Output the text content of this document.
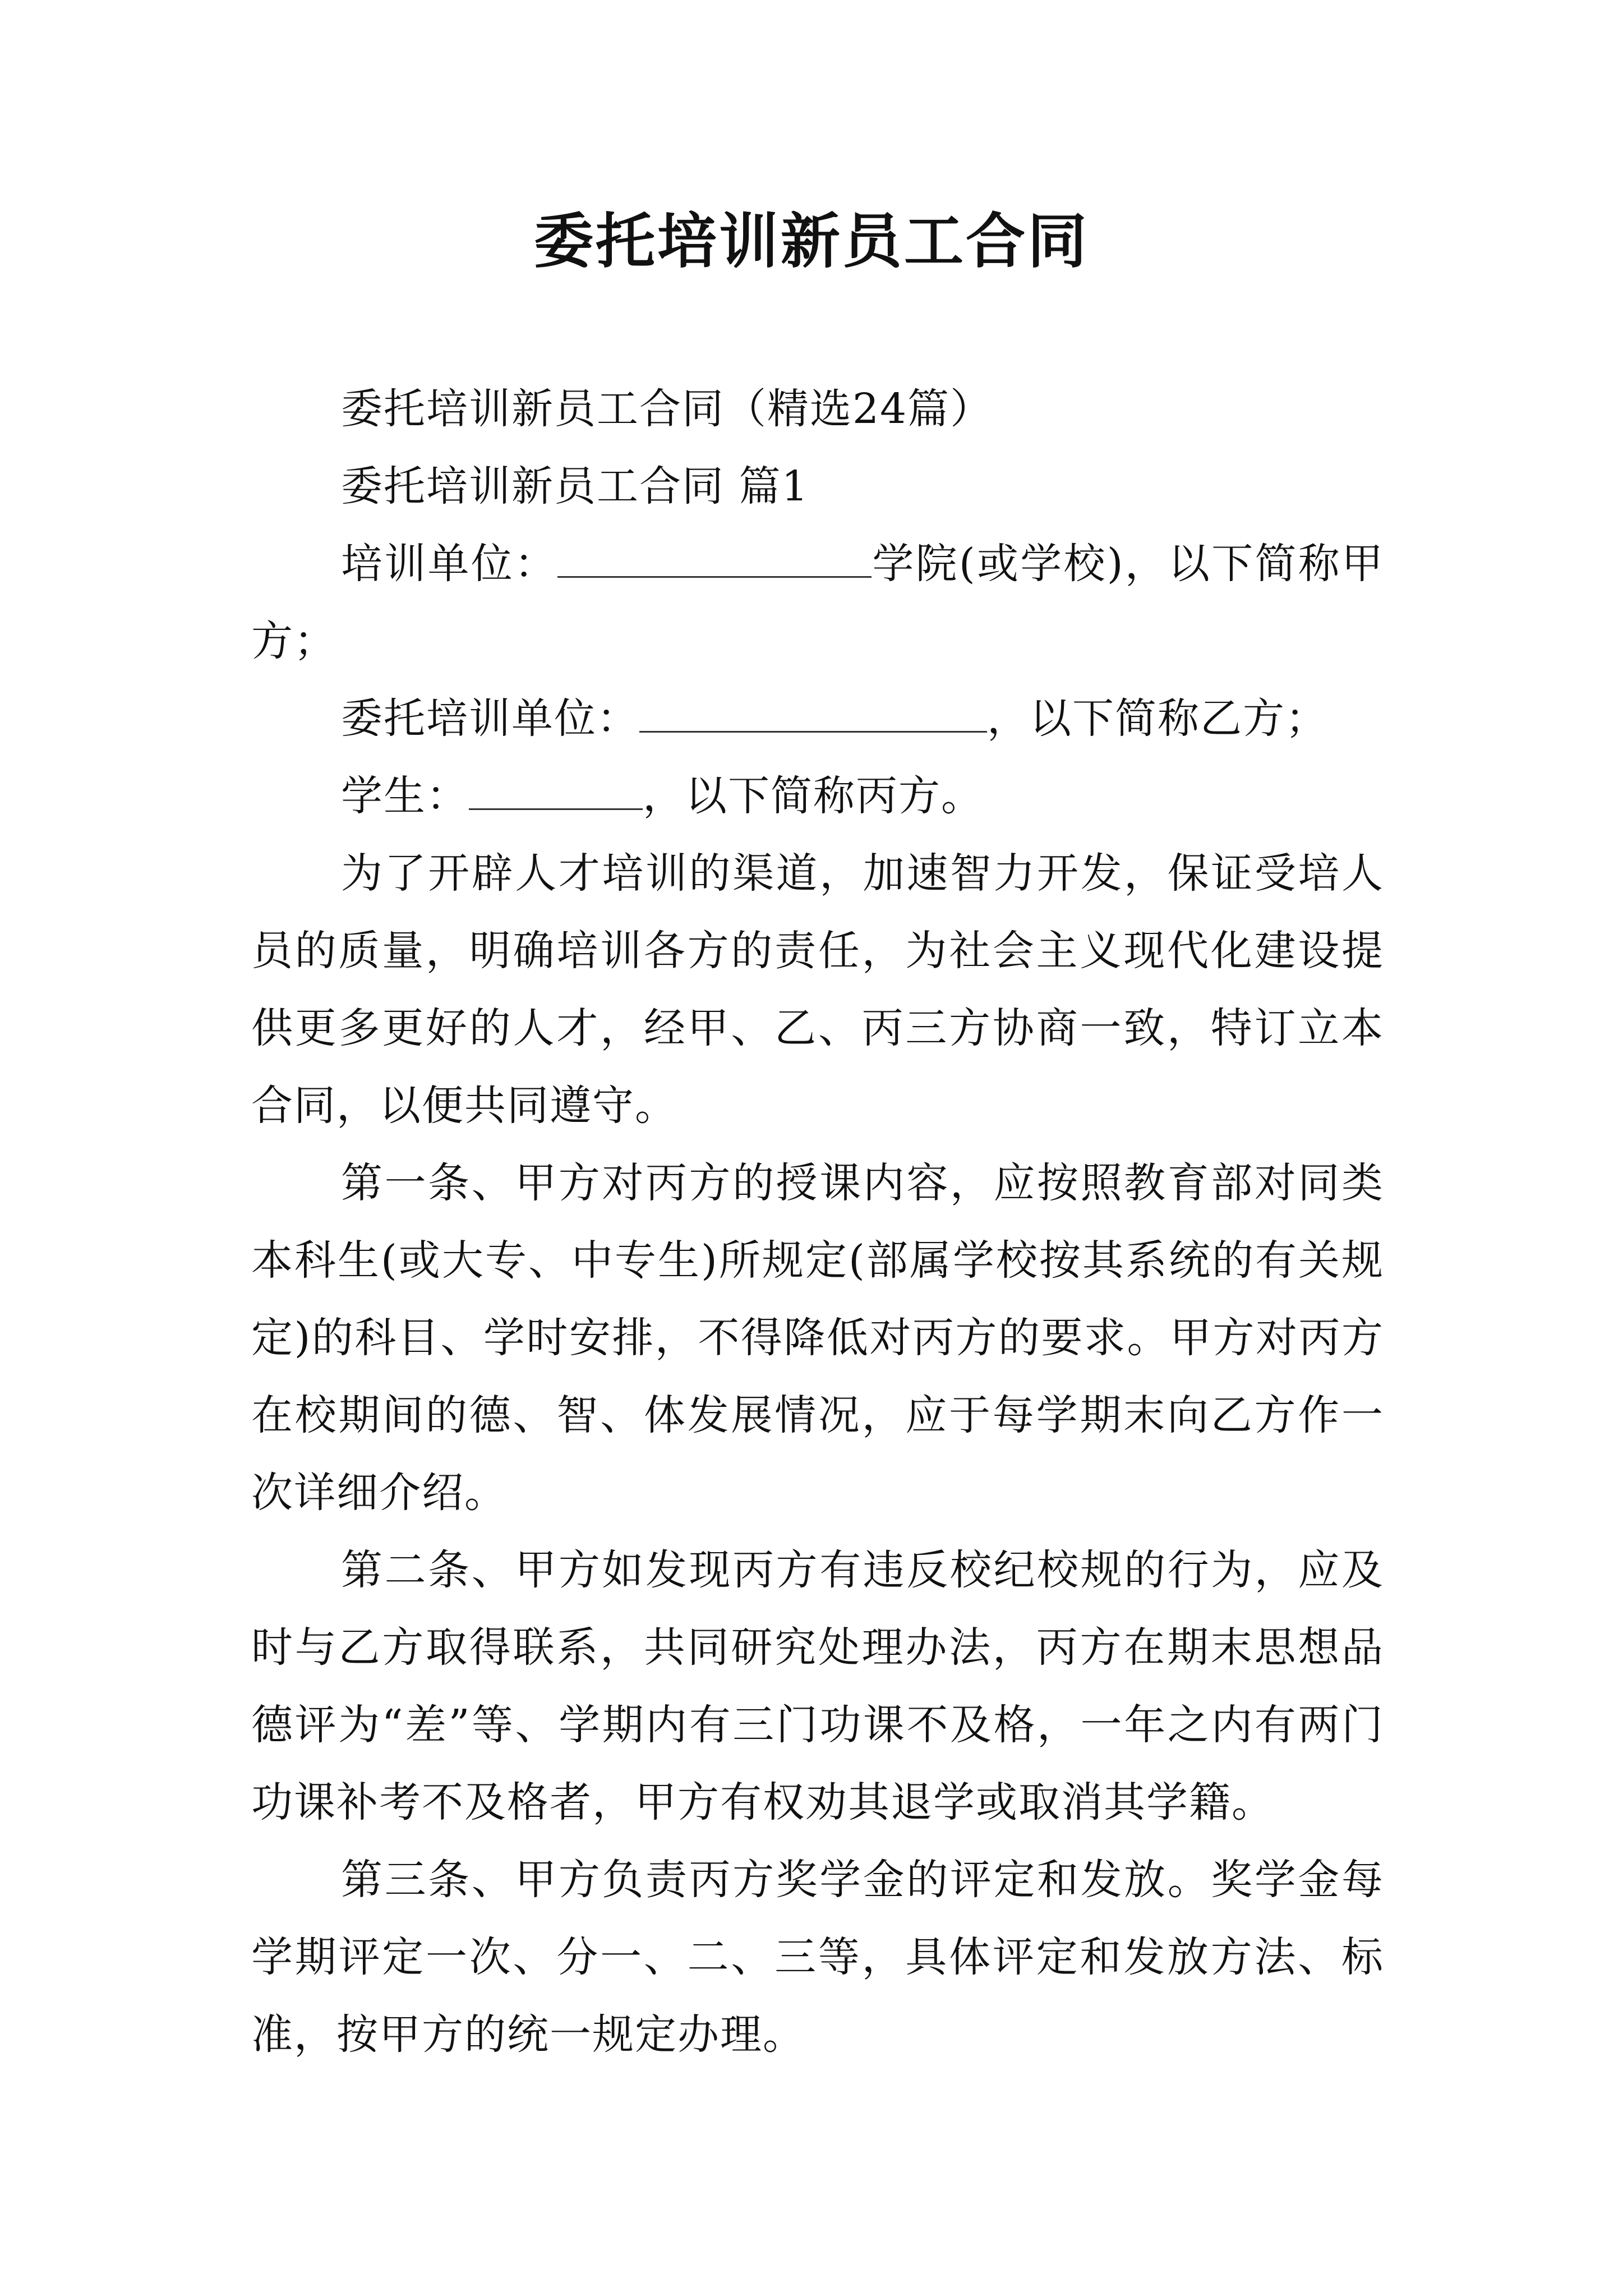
委托培训新员工合同

委托培训新员工合同（精选24篇）

委托培训新员工合同 篇1

培训单位：	学院(或学校)，以下简称甲方；

委托培训单位：	，以下简称乙方；

学生：	，以下简称丙方。

为了开辟人才培训的渠道，加速智力开发，保证受培人员的质量，明确培训各方的责任，为社会主义现代化建设提供更多更好的人才，经甲、乙、丙三方协商一致，特订立本合同，以便共同遵守。

第一条、甲方对丙方的授课内容，应按照教育部对同类本科生(或大专、中专生)所规定(部属学校按其系统的有关规定)的科目、学时安排，不得降低对丙方的要求。甲方对丙方在校期间的德、智、体发展情况，应于每学期末向乙方作一次详细介绍。

第二条、甲方如发现丙方有违反校纪校规的行为，应及时与乙方取得联系，共同研究处理办法，丙方在期末思想品德评为“差”等、学期内有三门功课不及格，一年之内有两门功课补考不及格者，甲方有权劝其退学或取消其学籍。

第三条、甲方负责丙方奖学金的评定和发放。奖学金每学期评定一次、分一、二、三等，具体评定和发放方法、标准，按甲方的统一规定办理。
